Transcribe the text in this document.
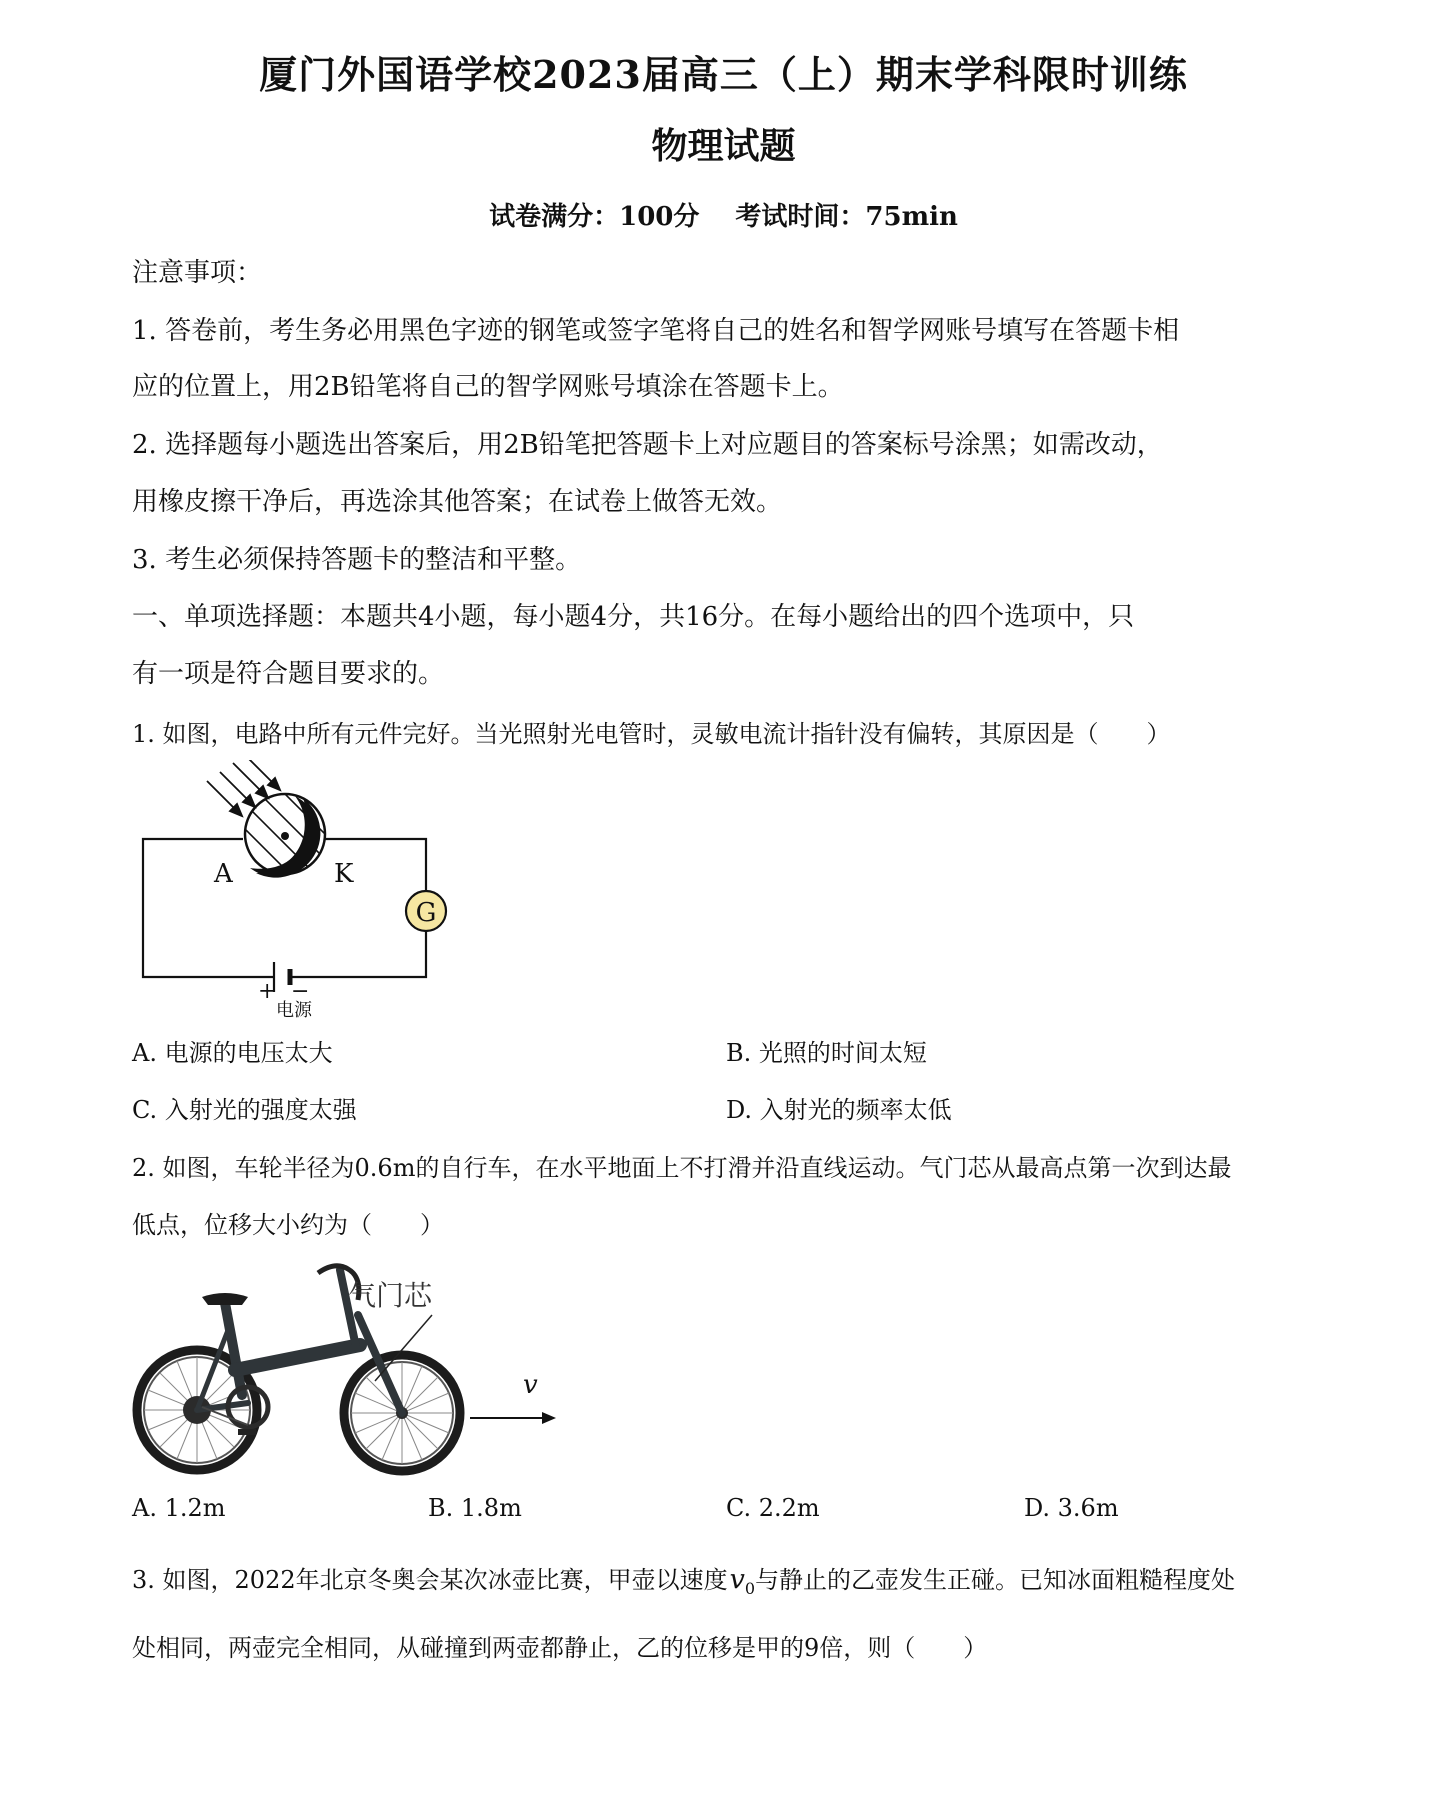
厦门外国语学校2023届高三（上）期末学科限时训练
物理试题
试卷满分：100分 考试时间：75min
注意事项：
1. 答卷前，考生务必用黑色字迹的钢笔或签字笔将自己的姓名和智学网账号填写在答题卡相
应的位置上，用2B铅笔将自己的智学网账号填涂在答题卡上。
2. 选择题每小题选出答案后，用2B铅笔把答题卡上对应题目的答案标号涂黑；如需改动，
用橡皮擦干净后，再选涂其他答案；在试卷上做答无效。
3. 考生必须保持答题卡的整洁和平整。
一、单项选择题：本题共4小题，每小题4分，共16分。在每小题给出的四个选项中，只
有一项是符合题目要求的。
1. 如图，电路中所有元件完好。当光照射光电管时，灵敏电流计指针没有偏转，其原因是（　　）
G
A	K
+ −
电源
A. 电源的电压太大	B. 光照的时间太短
C. 入射光的强度太强	D. 入射光的频率太低
2. 如图，车轮半径为0.6m的自行车，在水平地面上不打滑并沿直线运动。气门芯从最高点第一次到达最
低点，位移大小约为（　　）
气门芯
v
A. 1.2m	B. 1.8m	C. 2.2m	D. 3.6m
3. 如图，2022年北京冬奥会某次冰壶比赛，甲壶以速度$v_0$与静止的乙壶发生正碰。已知冰面粗糙程度处
处相同，两壶完全相同，从碰撞到两壶都静止，乙的位移是甲的9倍，则（　　）
